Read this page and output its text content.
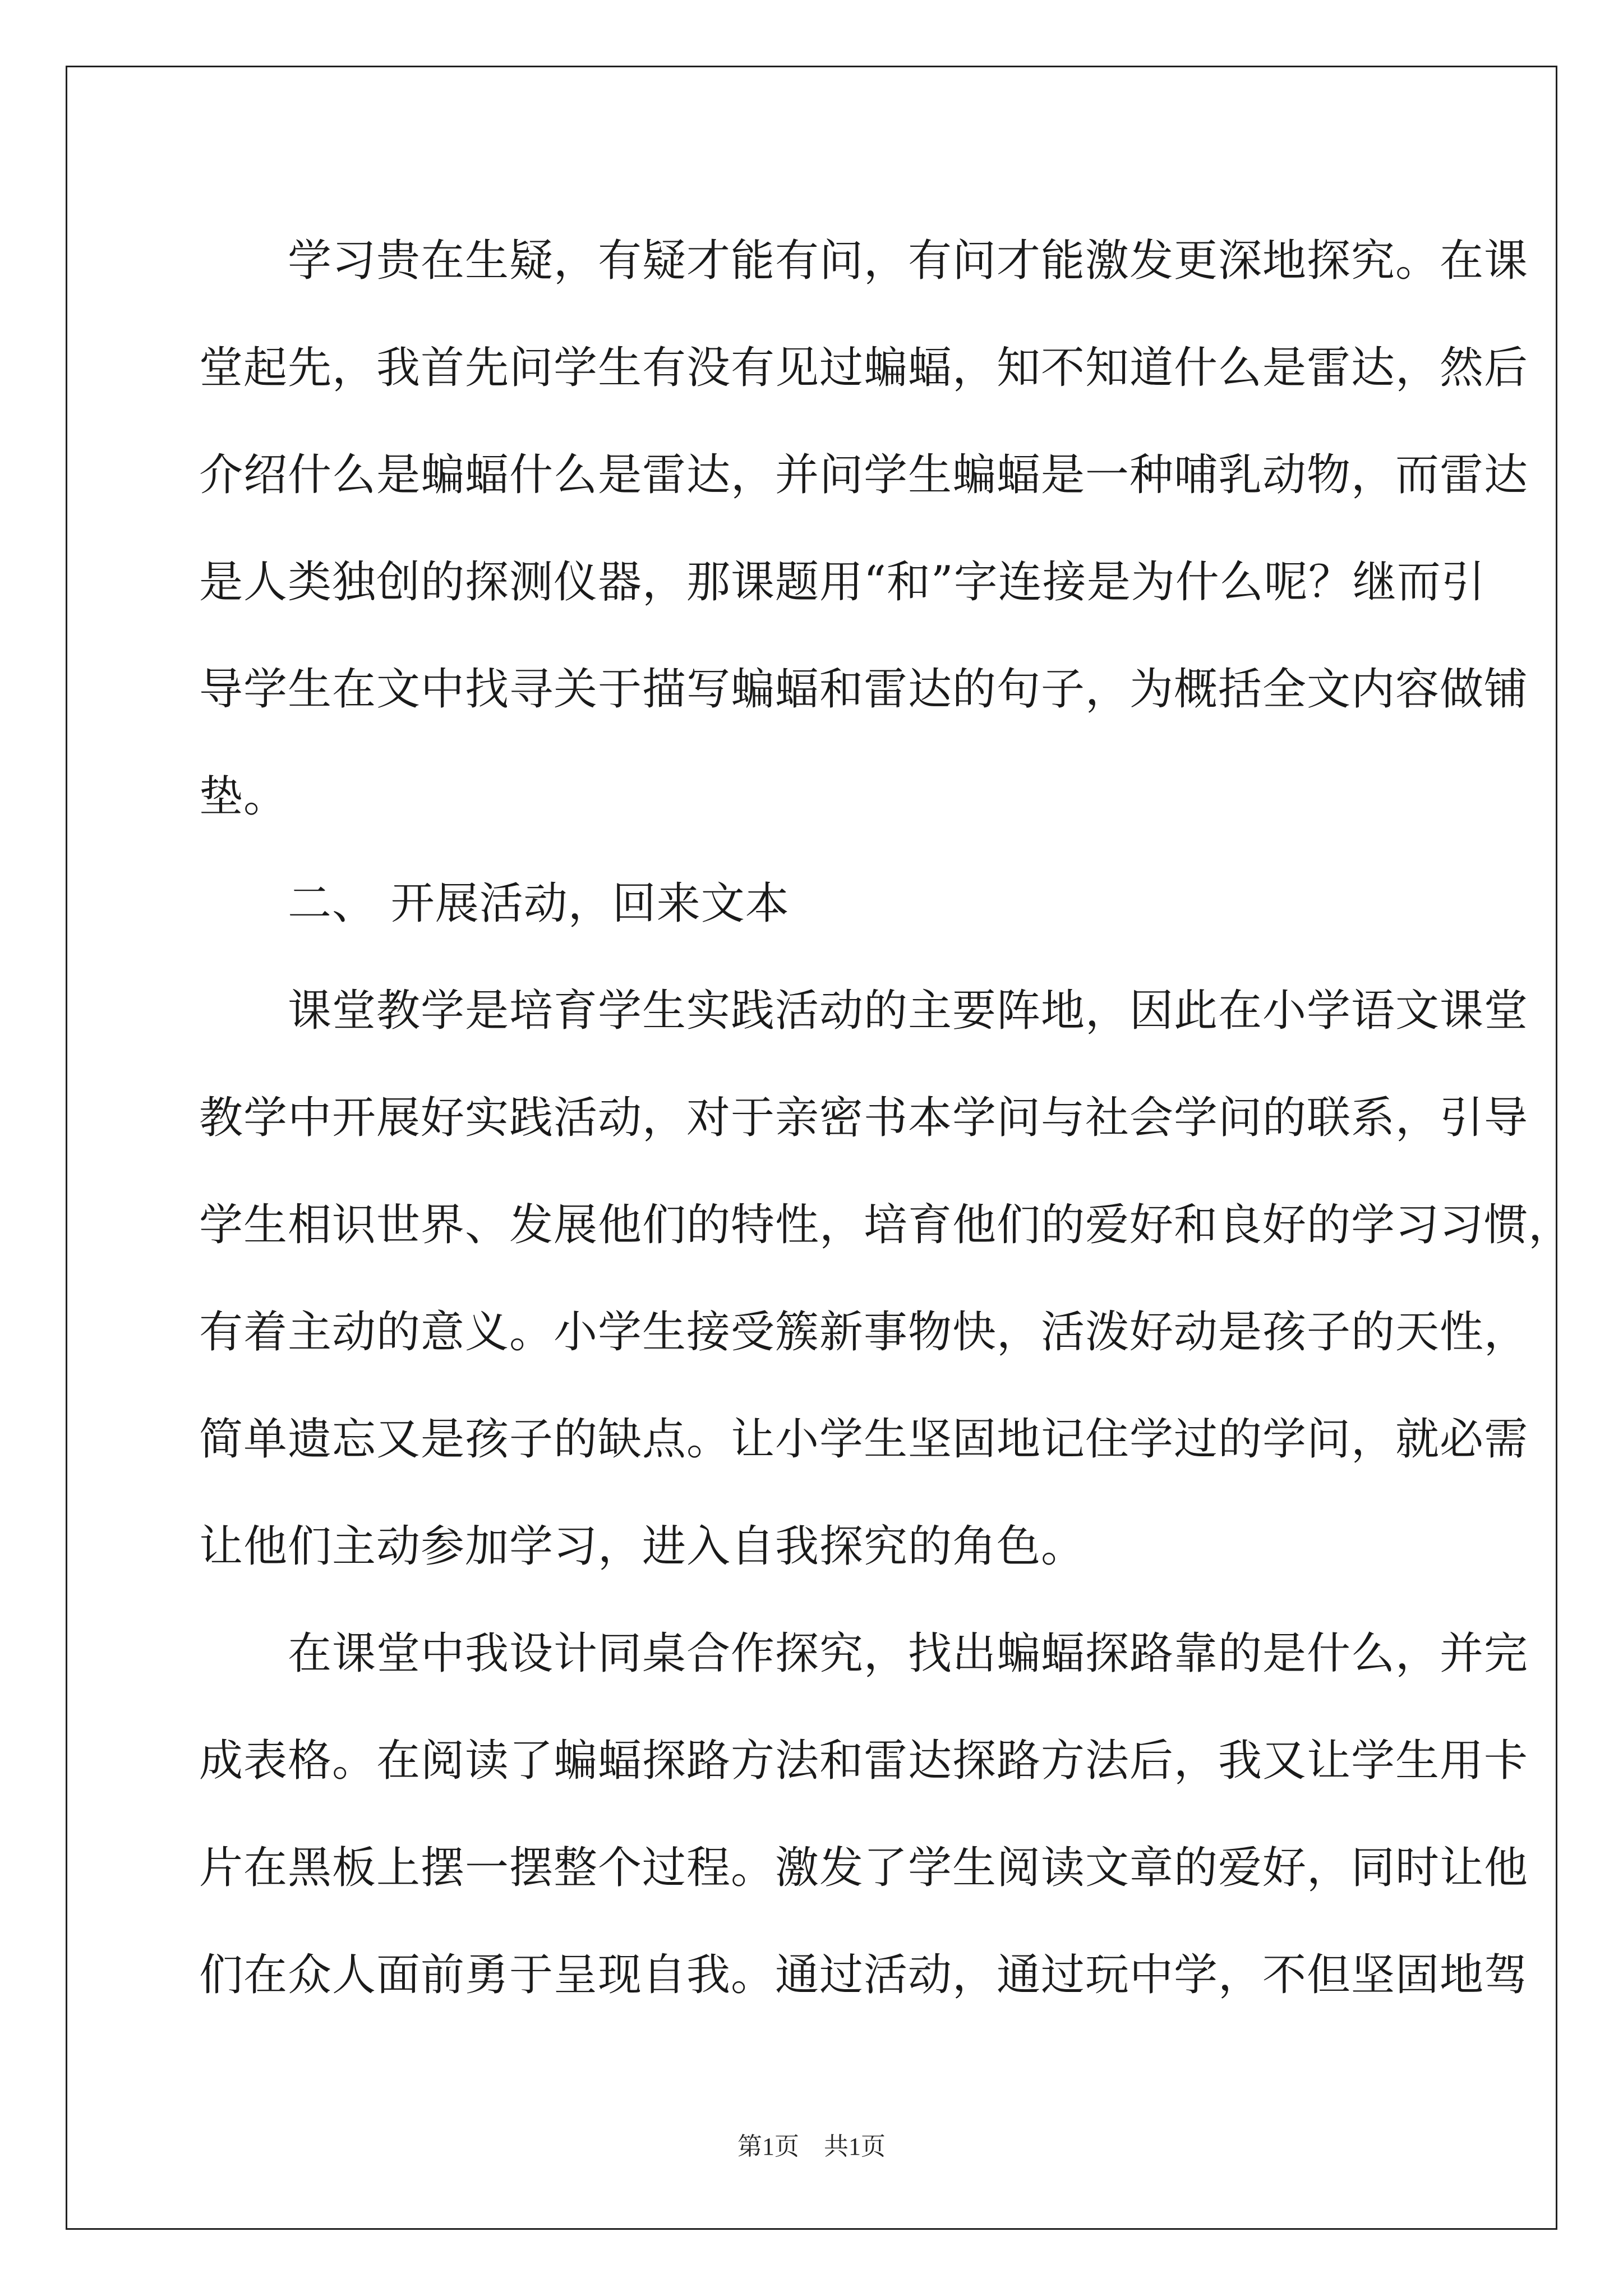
　　学习贵在生疑，有疑才能有问，有问才能激发更深地探究。在课
堂起先，我首先问学生有没有见过蝙蝠，知不知道什么是雷达，然后
介绍什么是蝙蝠什么是雷达，并问学生蝙蝠是一种哺乳动物，而雷达
是人类独创的探测仪器，那课题用“和”字连接是为什么呢？继而引
导学生在文中找寻关于描写蝙蝠和雷达的句子，为概括全文内容做铺
垫。
　　二、 开展活动，回来文本
　　课堂教学是培育学生实践活动的主要阵地，因此在小学语文课堂
教学中开展好实践活动，对于亲密书本学问与社会学问的联系，引导
学生相识世界、发展他们的特性，培育他们的爱好和良好的学习习惯，
有着主动的意义。小学生接受簇新事物快，活泼好动是孩子的天性，
简单遗忘又是孩子的缺点。让小学生坚固地记住学过的学问，就必需
让他们主动参加学习，进入自我探究的角色。
　　在课堂中我设计同桌合作探究，找出蝙蝠探路靠的是什么，并完
成表格。在阅读了蝙蝠探路方法和雷达探路方法后，我又让学生用卡
片在黑板上摆一摆整个过程。激发了学生阅读文章的爱好，同时让他
们在众人面前勇于呈现自我。通过活动，通过玩中学，不但坚固地驾
第1页　共1页
